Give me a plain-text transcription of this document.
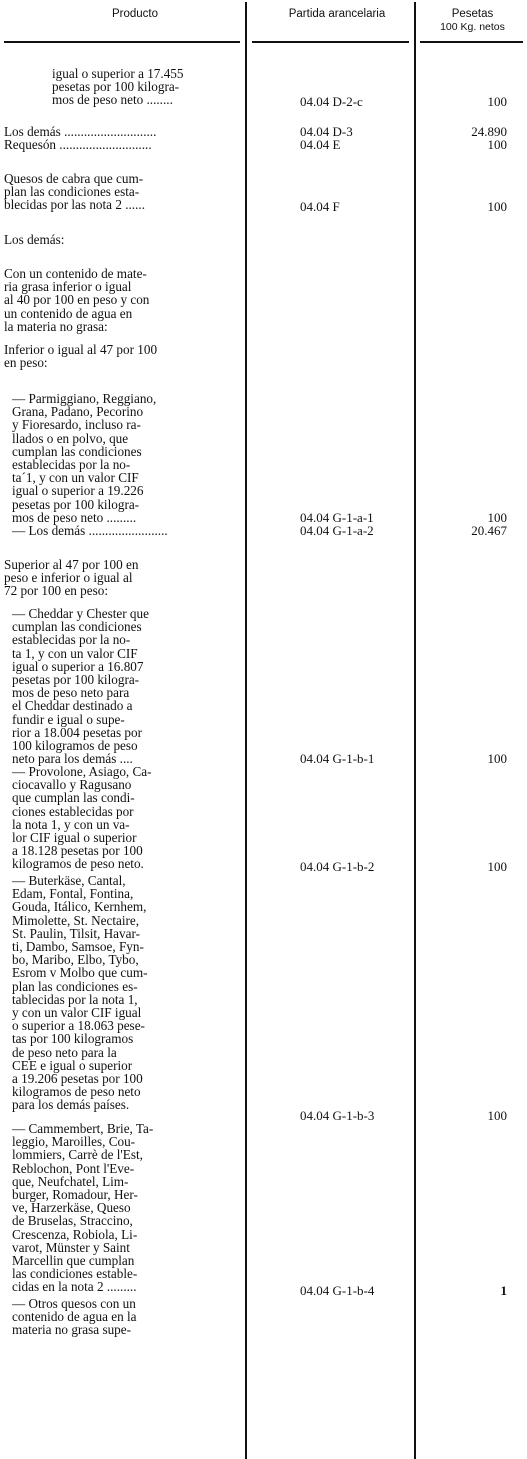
Producto	Partida arancelaria	Pesetas
100 Kg. netos
igual o superior a 17.455
pesetas por 100 kilogra-
mos de peso neto ........	04.04 D-2-c	100
Los demás ............................	04.04 D-3	24.890
Requesón ............................	04.04 E	100
Quesos de cabra que cum-
plan las condiciones esta-
blecidas por las nota 2 ......	04.04 F	100
Los demás:
Con un contenido de mate-
ria grasa inferior o igual
al 40 por 100 en peso y con
un contenido de agua en
la materia no grasa:
Inferior o igual al 47 por 100
en peso:
— Parmiggiano, Reggiano,
Grana, Padano, Pecorino
y Fioresardo, incluso ra-
llados o en polvo, que
cumplan las condiciones
establecidas por la no-
ta´1, y con un valor CIF
igual o superior a 19.226
pesetas por 100 kilogra-
mos de peso neto .........	04.04 G-1-a-1	100
— Los demás ........................	04.04 G-1-a-2	20.467
Superior al 47 por 100 en
peso e inferior o igual al
72 por 100 en peso:
— Cheddar y Chester que
cumplan las condiciones
establecidas por la no-
ta 1, y con un valor CIF
igual o superior a 16.807
pesetas por 100 kilogra-
mos de peso neto para
el Cheddar destinado a
fundir e igual o supe-
rior a 18.004 pesetas por
100 kilogramos de peso
neto para los demás ....	04.04 G-1-b-1	100
— Provolone, Asiago, Ca-
ciocavallo y Ragusano
que cumplan las condi-
ciones establecidas por
la nota 1, y con un va-
lor CIF igual o superior
a 18.128 pesetas por 100
kilogramos de peso neto.	04.04 G-1-b-2	100
— Buterkäse, Cantal,
Edam, Fontal, Fontina,
Gouda, Itálico, Kernhem,
Mimolette, St. Nectaire,
St. Paulin, Tilsit, Havar-
ti, Dambo, Samsoe, Fyn-
bo, Maribo, Elbo, Tybo,
Esrom v Molbo que cum-
plan las condiciones es-
tablecidas por la nota 1,
y con un valor CIF igual
o superior a 18.063 pese-
tas por 100 kilogramos
de peso neto para la
CEE e igual o superior
a 19.206 pesetas por 100
kilogramos de peso neto
para los demás países.
04.04 G-1-b-3	100
— Cammembert, Brie, Ta-
leggio, Maroilles, Cou-
lommiers, Carrè de l'Est,
Reblochon, Pont l'Eve-
que, Neufchatel, Lim-
burger, Romadour, Her-
ve, Harzerkäse, Queso
de Bruselas, Straccino,
Crescenza, Robiola, Li-
varot, Münster y Saint
Marcellin que cumplan
las condiciones estable-
cidas en la nota 2 .........	04.04 G-1-b-4	1
— Otros quesos con un
contenido de agua en la
materia no grasa supe-
